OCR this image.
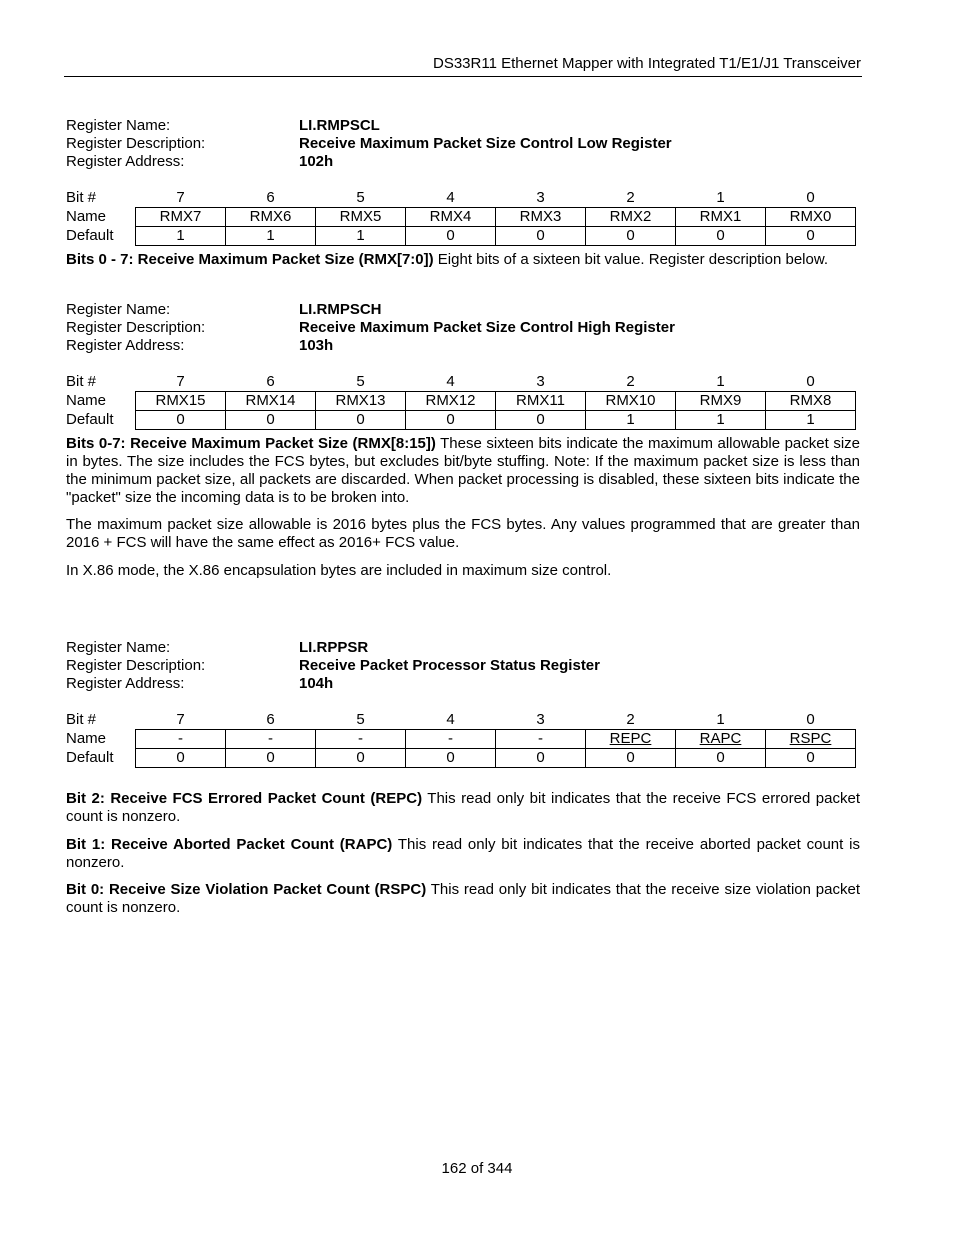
DS33R11 Ethernet Mapper with Integrated T1/E1/J1 Transceiver
Register Name:	LI.RMPSCL
Register Description:	Receive Maximum Packet Size Control Low Register
Register Address:	102h
Bit #	7	6	5	4	3	2	1	0
Name	RMX7	RMX6	RMX5	RMX4	RMX3	RMX2	RMX1	RMX0
Default	1	1	1	0	0	0	0	0
Bits 0 - 7: Receive Maximum Packet Size (RMX[7:0]) Eight bits of a sixteen bit value. Register description below.
Register Name:	LI.RMPSCH
Register Description:	Receive Maximum Packet Size Control High Register
Register Address:	103h
Bit #	7	6	5	4	3	2	1	0
Name	RMX15	RMX14	RMX13	RMX12	RMX11	RMX10	RMX9	RMX8
Default	0	0	0	0	0	1	1	1
Bits 0-7: Receive Maximum Packet Size (RMX[8:15]) These sixteen bits indicate the maximum allowable packet size in bytes. The size includes the FCS bytes, but excludes bit/byte stuffing. Note: If the maximum packet size is less than the minimum packet size, all packets are discarded. When packet processing is disabled, these sixteen bits indicate the "packet" size the incoming data is to be broken into.
The maximum packet size allowable is 2016 bytes plus the FCS bytes. Any values programmed that are greater than 2016 + FCS will have the same effect as 2016+ FCS value.
In X.86 mode, the X.86 encapsulation bytes are included in maximum size control.
Register Name:	LI.RPPSR
Register Description:	Receive Packet Processor Status Register
Register Address:	104h
Bit #	7	6	5	4	3	2	1	0
Name	-	-	-	-	-	REPC	RAPC	RSPC
Default	0	0	0	0	0	0	0	0
Bit 2: Receive FCS Errored Packet Count (REPC) This read only bit indicates that the receive FCS errored packet count is nonzero.
Bit 1: Receive Aborted Packet Count (RAPC) This read only bit indicates that the receive aborted packet count is nonzero.
Bit 0: Receive Size Violation Packet Count (RSPC) This read only bit indicates that the receive size violation packet count is nonzero.
162 of 344
